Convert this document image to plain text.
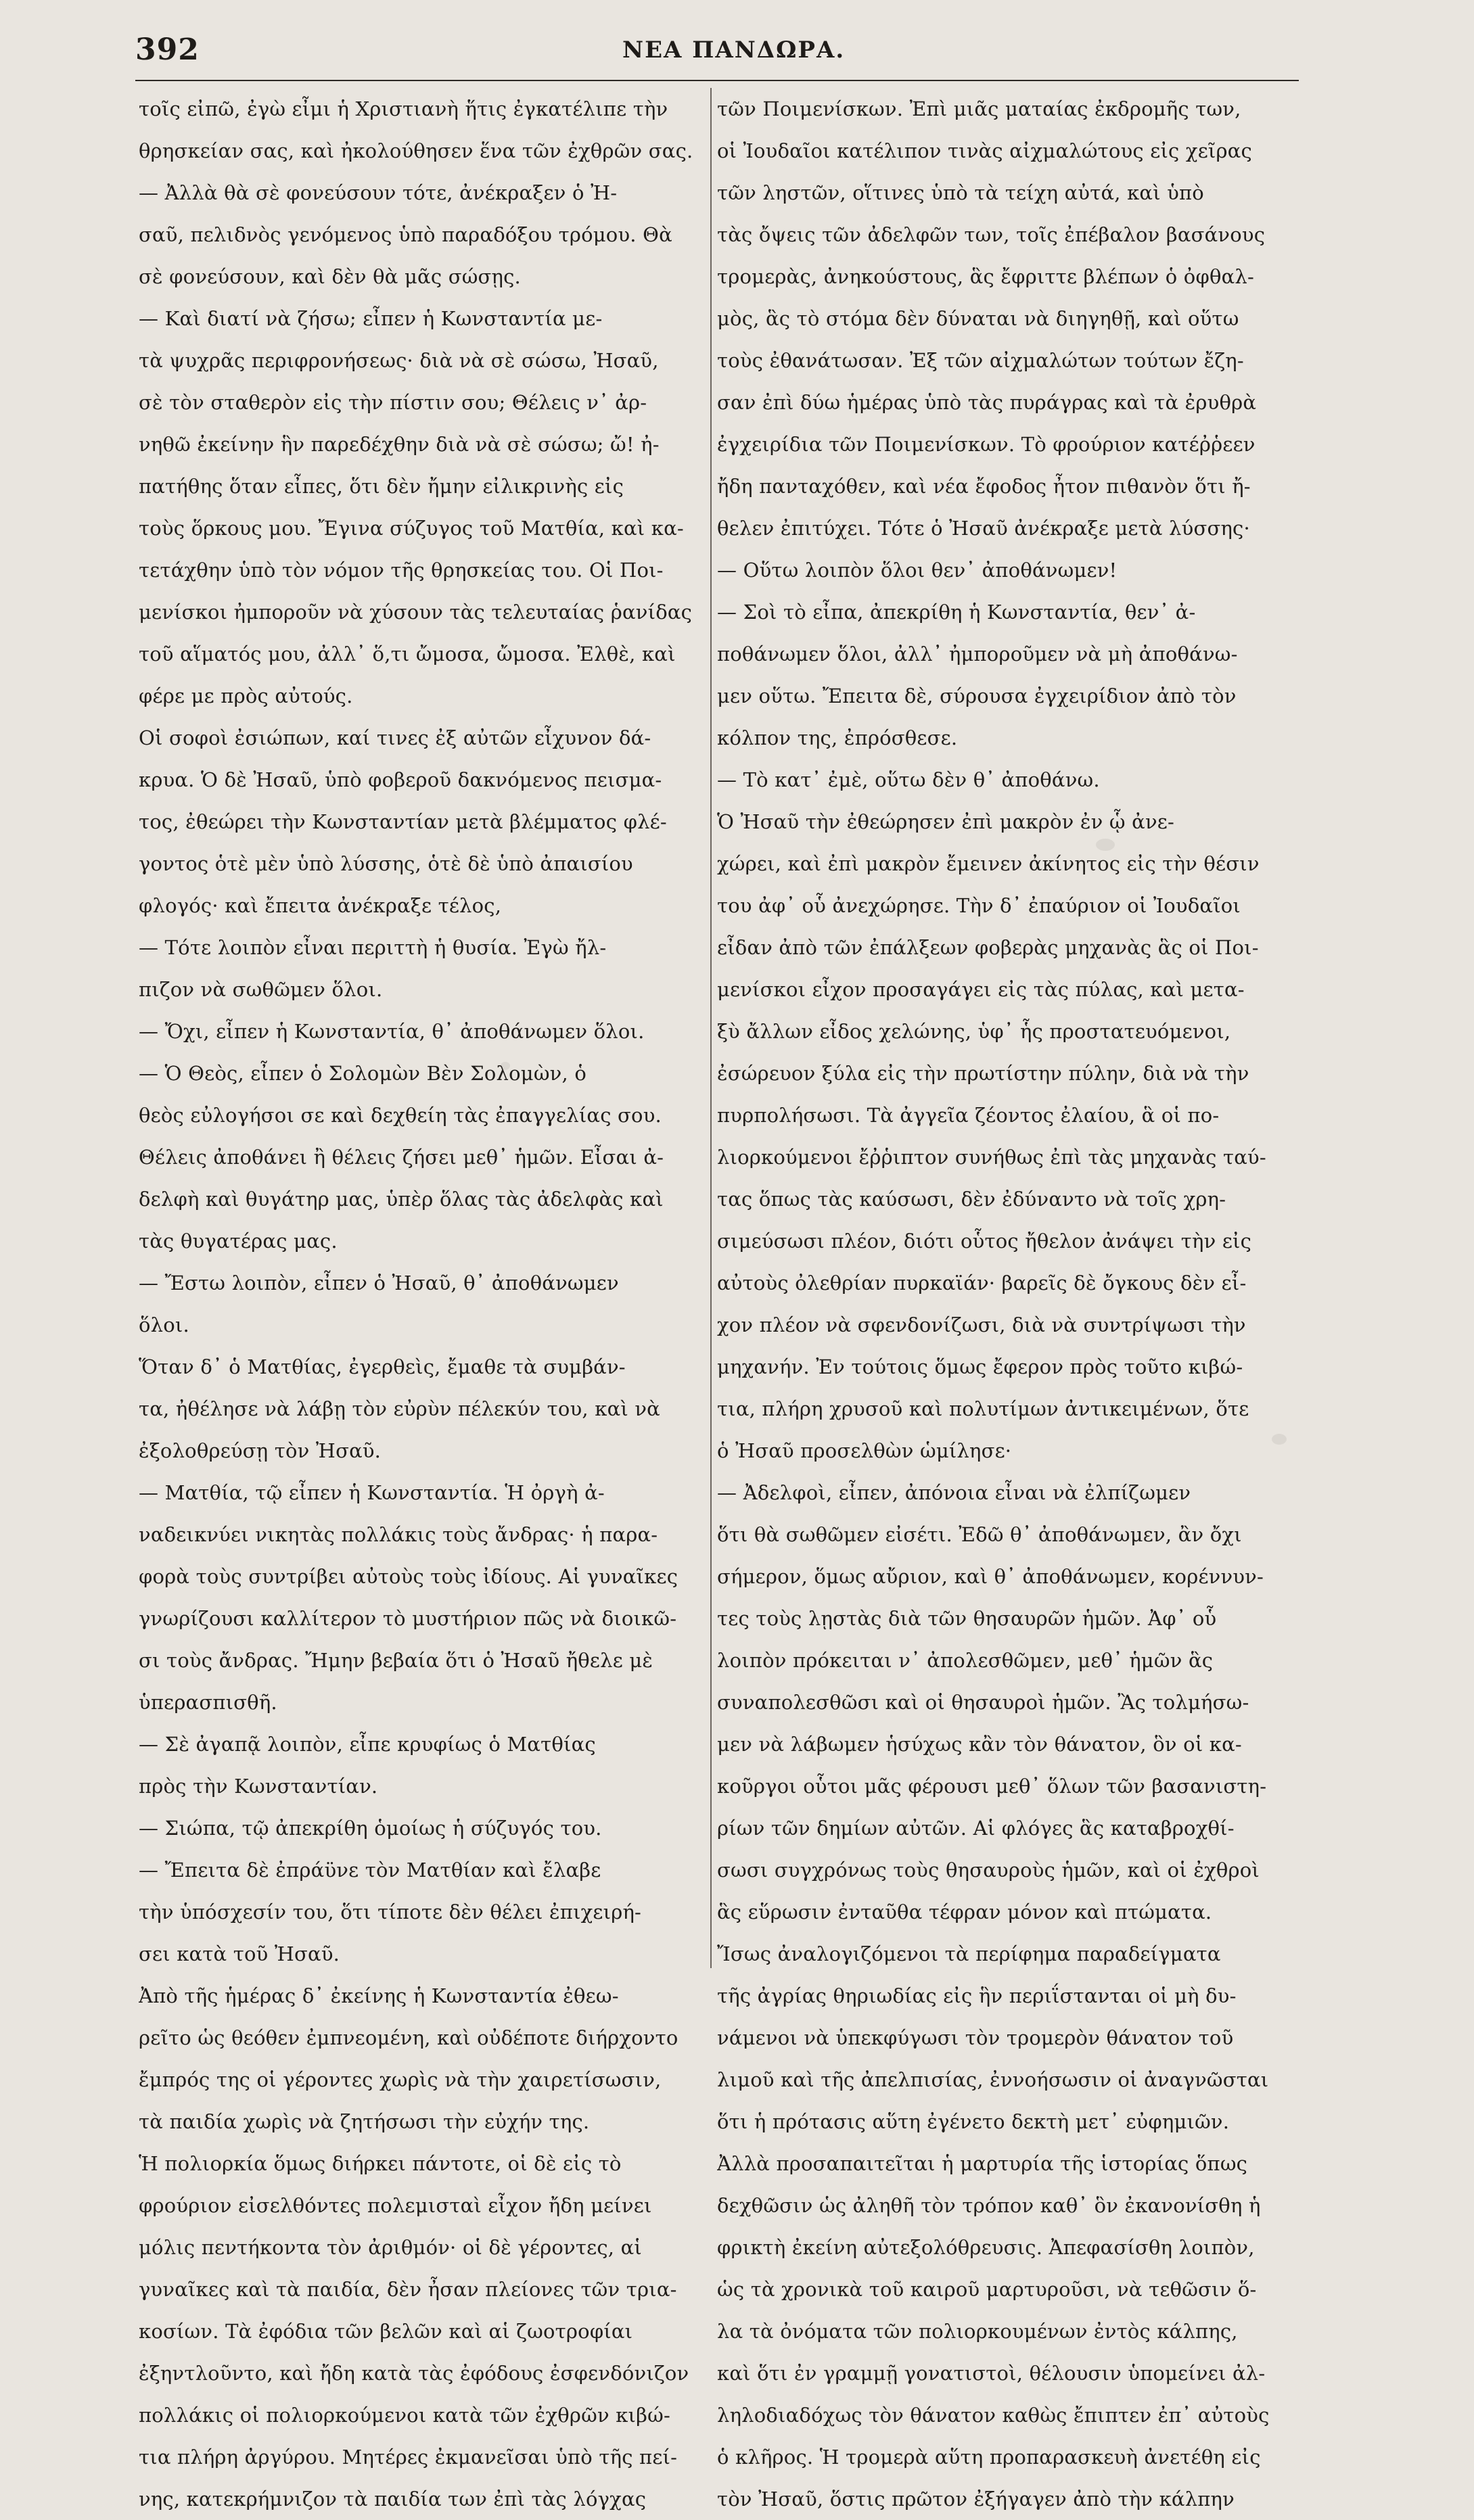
392	ΝΕΑ ΠΑΝΔΩΡΑ.
τοῖς εἰπῶ, ἐγὼ εἶμι ἡ Χριστιανὴ ἥτις ἐγκατέλιπε τὴν
θρησκείαν σας, καὶ ἠκολούθησεν ἕνα τῶν ἐχθρῶν σας.
— Ἀλλὰ θὰ σὲ φονεύσουν τότε, ἀνέκραξεν ὁ Ἠ-
σαῦ, πελιδνὸς γενόμενος ὑπὸ παραδόξου τρόμου. Θὰ
σὲ φονεύσουν, καὶ δὲν θὰ μᾶς σώσῃς.
— Καὶ διατί νὰ ζήσω; εἶπεν ἡ Κωνσταντία με-
τὰ ψυχρᾶς περιφρονήσεως· διὰ νὰ σὲ σώσω, Ἠσαῦ,
σὲ τὸν σταθερὸν εἰς τὴν πίστιν σου; Θέλεις ν᾽ ἀρ-
νηθῶ ἐκείνην ἣν παρεδέχθην διὰ νὰ σὲ σώσω; ὤ! ἠ-
πατήθης ὅταν εἶπες, ὅτι δὲν ἤμην εἰλικρινὴς εἰς
τοὺς ὅρκους μου. Ἔγινα σύζυγος τοῦ Ματθία, καὶ κα-
τετάχθην ὑπὸ τὸν νόμον τῆς θρησκείας του. Οἱ Ποι-
μενίσκοι ἠμποροῦν νὰ χύσουν τὰς τελευταίας ῥανίδας
τοῦ αἵματός μου, ἀλλ᾽ ὅ,τι ὤμοσα, ὤμοσα. Ἐλθὲ, καὶ
φέρε με πρὸς αὐτούς.
Οἱ σοφοὶ ἐσιώπων, καί τινες ἐξ αὐτῶν εἶχυνον δά-
κρυα. Ὁ δὲ Ἠσαῦ, ὑπὸ φοβεροῦ δακνόμενος πεισμα-
τος, ἐθεώρει τὴν Κωνσταντίαν μετὰ βλέμματος φλέ-
γοντος ὁτὲ μὲν ὑπὸ λύσσης, ὁτὲ δὲ ὑπὸ ἀπαισίου
φλογός· καὶ ἔπειτα ἀνέκραξε τέλος,
— Τότε λοιπὸν εἶναι περιττὴ ἡ θυσία. Ἐγὼ ἤλ-
πιζον νὰ σωθῶμεν ὅλοι.
— Ὄχι, εἶπεν ἡ Κωνσταντία, θ᾽ ἀποθάνωμεν ὅλοι.
— Ὁ Θεὸς, εἶπεν ὁ Σολομὼν Βὲν Σολομὼν, ὁ
θεὸς εὐλογήσοι σε καὶ δεχθείη τὰς ἐπαγγελίας σου.
Θέλεις ἀποθάνει ἢ θέλεις ζήσει μεθ᾽ ἡμῶν. Εἶσαι ἀ-
δελφὴ καὶ θυγάτηρ μας, ὑπὲρ ὅλας τὰς ἀδελφὰς καὶ
τὰς θυγατέρας μας.
— Ἔστω λοιπὸν, εἶπεν ὁ Ἠσαῦ, θ᾽ ἀποθάνωμεν
ὅλοι.
Ὅταν δ᾽ ὁ Ματθίας, ἐγερθεὶς, ἔμαθε τὰ συμβάν-
τα, ἠθέλησε νὰ λάβῃ τὸν εὐρὺν πέλεκύν του, καὶ νὰ
ἐξολοθρεύσῃ τὸν Ἠσαῦ.
— Ματθία, τῷ εἶπεν ἡ Κωνσταντία. Ἡ ὀργὴ ἀ-
ναδεικνύει νικητὰς πολλάκις τοὺς ἄνδρας· ἡ παρα-
φορὰ τοὺς συντρίβει αὐτοὺς τοὺς ἰδίους. Αἱ γυναῖκες
γνωρίζουσι καλλίτερον τὸ μυστήριον πῶς νὰ διοικῶ-
σι τοὺς ἄνδρας. Ἤμην βεβαία ὅτι ὁ Ἠσαῦ ἤθελε μὲ
ὑπερασπισθῆ.
— Σὲ ἀγαπᾷ λοιπὸν, εἶπε κρυφίως ὁ Ματθίας
πρὸς τὴν Κωνσταντίαν.
— Σιώπα, τῷ ἀπεκρίθη ὁμοίως ἡ σύζυγός του.
— Ἔπειτα δὲ ἐπράϋνε τὸν Ματθίαν καὶ ἔλαβε
τὴν ὑπόσχεσίν του, ὅτι τίποτε δὲν θέλει ἐπιχειρή-
σει κατὰ τοῦ Ἠσαῦ.
Ἀπὸ τῆς ἡμέρας δ᾽ ἐκείνης ἡ Κωνσταντία ἐθεω-
ρεῖτο ὡς θεόθεν ἐμπνεομένη, καὶ οὐδέποτε διήρχοντο
ἔμπρός της οἱ γέροντες χωρὶς νὰ τὴν χαιρετίσωσιν,
τὰ παιδία χωρὶς νὰ ζητήσωσι τὴν εὐχήν της.
Ἡ πολιορκία ὅμως διήρκει πάντοτε, οἱ δὲ εἰς τὸ
φρούριον εἰσελθόντες πολεμισταὶ εἶχον ἤδη μείνει
μόλις πεντήκοντα τὸν ἀριθμόν· οἱ δὲ γέροντες, αἱ
γυναῖκες καὶ τὰ παιδία, δὲν ἦσαν πλείονες τῶν τρια-
κοσίων. Τὰ ἐφόδια τῶν βελῶν καὶ αἱ ζωοτροφίαι
ἐξηντλοῦντο, καὶ ἤδη κατὰ τὰς ἐφόδους ἐσφενδόνιζον
πολλάκις οἱ πολιορκούμενοι κατὰ τῶν ἐχθρῶν κιβώ-
τια πλήρη ἀργύρου. Μητέρες ἐκμανεῖσαι ὑπὸ τῆς πεί-
νης, κατεκρήμνιζον τὰ παιδία των ἐπὶ τὰς λόγχας
τῶν Ποιμενίσκων. Ἐπὶ μιᾶς ματαίας ἐκδρομῆς των,
οἱ Ἰουδαῖοι κατέλιπον τινὰς αἰχμαλώτους εἰς χεῖρας
τῶν ληστῶν, οἵτινες ὑπὸ τὰ τείχη αὐτά, καὶ ὑπὸ
τὰς ὄψεις τῶν ἀδελφῶν των, τοῖς ἐπέβαλον βασάνους
τρομερὰς, ἀνηκούστους, ἃς ἔφριττε βλέπων ὁ ὀφθαλ-
μὸς, ἃς τὸ στόμα δὲν δύναται νὰ διηγηθῇ, καὶ οὕτω
τοὺς ἐθανάτωσαν. Ἐξ τῶν αἰχμαλώτων τούτων ἔζη-
σαν ἐπὶ δύω ἡμέρας ὑπὸ τὰς πυράγρας καὶ τὰ ἐρυθρὰ
ἐγχειρίδια τῶν Ποιμενίσκων. Τὸ φρούριον κατέῤῥεεν
ἤδη πανταχόθεν, καὶ νέα ἔφοδος ἦτον πιθανὸν ὅτι ἤ-
θελεν ἐπιτύχει. Τότε ὁ Ἠσαῦ ἀνέκραξε μετὰ λύσσης·
— Οὕτω λοιπὸν ὅλοι θεν᾽ ἀποθάνωμεν!
— Σοὶ τὸ εἶπα, ἀπεκρίθη ἡ Κωνσταντία, θεν᾽ ἀ-
ποθάνωμεν ὅλοι, ἀλλ᾽ ἠμποροῦμεν νὰ μὴ ἀποθάνω-
μεν οὕτω. Ἔπειτα δὲ, σύρουσα ἐγχειρίδιον ἀπὸ τὸν
κόλπον της, ἐπρόσθεσε.
— Τὸ κατ᾽ ἐμὲ, οὕτω δὲν θ᾽ ἀποθάνω.
Ὁ Ἠσαῦ τὴν ἐθεώρησεν ἐπὶ μακρὸν ἐν ᾧ ἀνε-
χώρει, καὶ ἐπὶ μακρὸν ἔμεινεν ἀκίνητος εἰς τὴν θέσιν
του ἀφ᾽ οὗ ἀνεχώρησε. Τὴν δ᾽ ἐπαύριον οἱ Ἰουδαῖοι
εἶδαν ἀπὸ τῶν ἐπάλξεων φοβερὰς μηχανὰς ἃς οἱ Ποι-
μενίσκοι εἶχον προσαγάγει εἰς τὰς πύλας, καὶ μετα-
ξὺ ἄλλων εἶδος χελώνης, ὑφ᾽ ἧς προστατευόμενοι,
ἐσώρευον ξύλα εἰς τὴν πρωτίστην πύλην, διὰ νὰ τὴν
πυρπολήσωσι. Τὰ ἀγγεῖα ζέοντος ἐλαίου, ἃ οἱ πο-
λιορκούμενοι ἔῤῥιπτον συνήθως ἐπὶ τὰς μηχανὰς ταύ-
τας ὅπως τὰς καύσωσι, δὲν ἐδύναντο νὰ τοῖς χρη-
σιμεύσωσι πλέον, διότι οὗτος ἤθελον ἀνάψει τὴν εἰς
αὐτοὺς ὀλεθρίαν πυρκαϊάν· βαρεῖς δὲ ὄγκους δὲν εἶ-
χον πλέον νὰ σφενδονίζωσι, διὰ νὰ συντρίψωσι τὴν
μηχανήν. Ἐν τούτοις ὅμως ἔφερον πρὸς τοῦτο κιβώ-
τια, πλήρη χρυσοῦ καὶ πολυτίμων ἀντικειμένων, ὅτε
ὁ Ἠσαῦ προσελθὼν ὡμίλησε·
— Ἀδελφοὶ, εἶπεν, ἀπόνοια εἶναι νὰ ἐλπίζωμεν
ὅτι θὰ σωθῶμεν εἰσέτι. Ἐδῶ θ᾽ ἀποθάνωμεν, ἂν ὄχι
σήμερον, ὅμως αὔριον, καὶ θ᾽ ἀποθάνωμεν, κορέννυν-
τες τοὺς λῃστὰς διὰ τῶν θησαυρῶν ἡμῶν. Ἀφ᾽ οὗ
λοιπὸν πρόκειται ν᾽ ἀπολεσθῶμεν, μεθ᾽ ἡμῶν ἃς
συναπολεσθῶσι καὶ οἱ θησαυροὶ ἡμῶν. Ἂς τολμήσω-
μεν νὰ λάβωμεν ἡσύχως κἂν τὸν θάνατον, ὃν οἱ κα-
κοῦργοι οὗτοι μᾶς φέρουσι μεθ᾽ ὅλων τῶν βασανιστη-
ρίων τῶν δημίων αὐτῶν. Αἱ φλόγες ἃς καταβροχθί-
σωσι συγχρόνως τοὺς θησαυροὺς ἡμῶν, καὶ οἱ ἐχθροὶ
ἃς εὕρωσιν ἐνταῦθα τέφραν μόνον καὶ πτώματα.
Ἴσως ἀναλογιζόμενοι τὰ περίφημα παραδείγματα
τῆς ἀγρίας θηριωδίας εἰς ἣν περιΐστανται οἱ μὴ δυ-
νάμενοι νὰ ὑπεκφύγωσι τὸν τρομερὸν θάνατον τοῦ
λιμοῦ καὶ τῆς ἀπελπισίας, ἐννοήσωσιν οἱ ἀναγνῶσται
ὅτι ἡ πρότασις αὕτη ἐγένετο δεκτὴ μετ᾽ εὐφημιῶν.
Ἀλλὰ προσαπαιτεῖται ἡ μαρτυρία τῆς ἱστορίας ὅπως
δεχθῶσιν ὡς ἀληθῆ τὸν τρόπον καθ᾽ ὃν ἐκανονίσθη ἡ
φρικτὴ ἐκείνη αὐτεξολόθρευσις. Ἀπεφασίσθη λοιπὸν,
ὡς τὰ χρονικὰ τοῦ καιροῦ μαρτυροῦσι, νὰ τεθῶσιν ὅ-
λα τὰ ὀνόματα τῶν πολιορκουμένων ἐντὸς κάλπης,
καὶ ὅτι ἐν γραμμῇ γονατιστοὶ, θέλουσιν ὑπομείνει ἀλ-
ληλοδιαδόχως τὸν θάνατον καθὼς ἔπιπτεν ἐπ᾽ αὐτοὺς
ὁ κλῆρος. Ἡ τρομερὰ αὕτη προπαρασκευὴ ἀνετέθη εἰς
τὸν Ἠσαῦ, ὅστις πρῶτον ἐξήγαγεν ἀπὸ τὴν κάλπην
